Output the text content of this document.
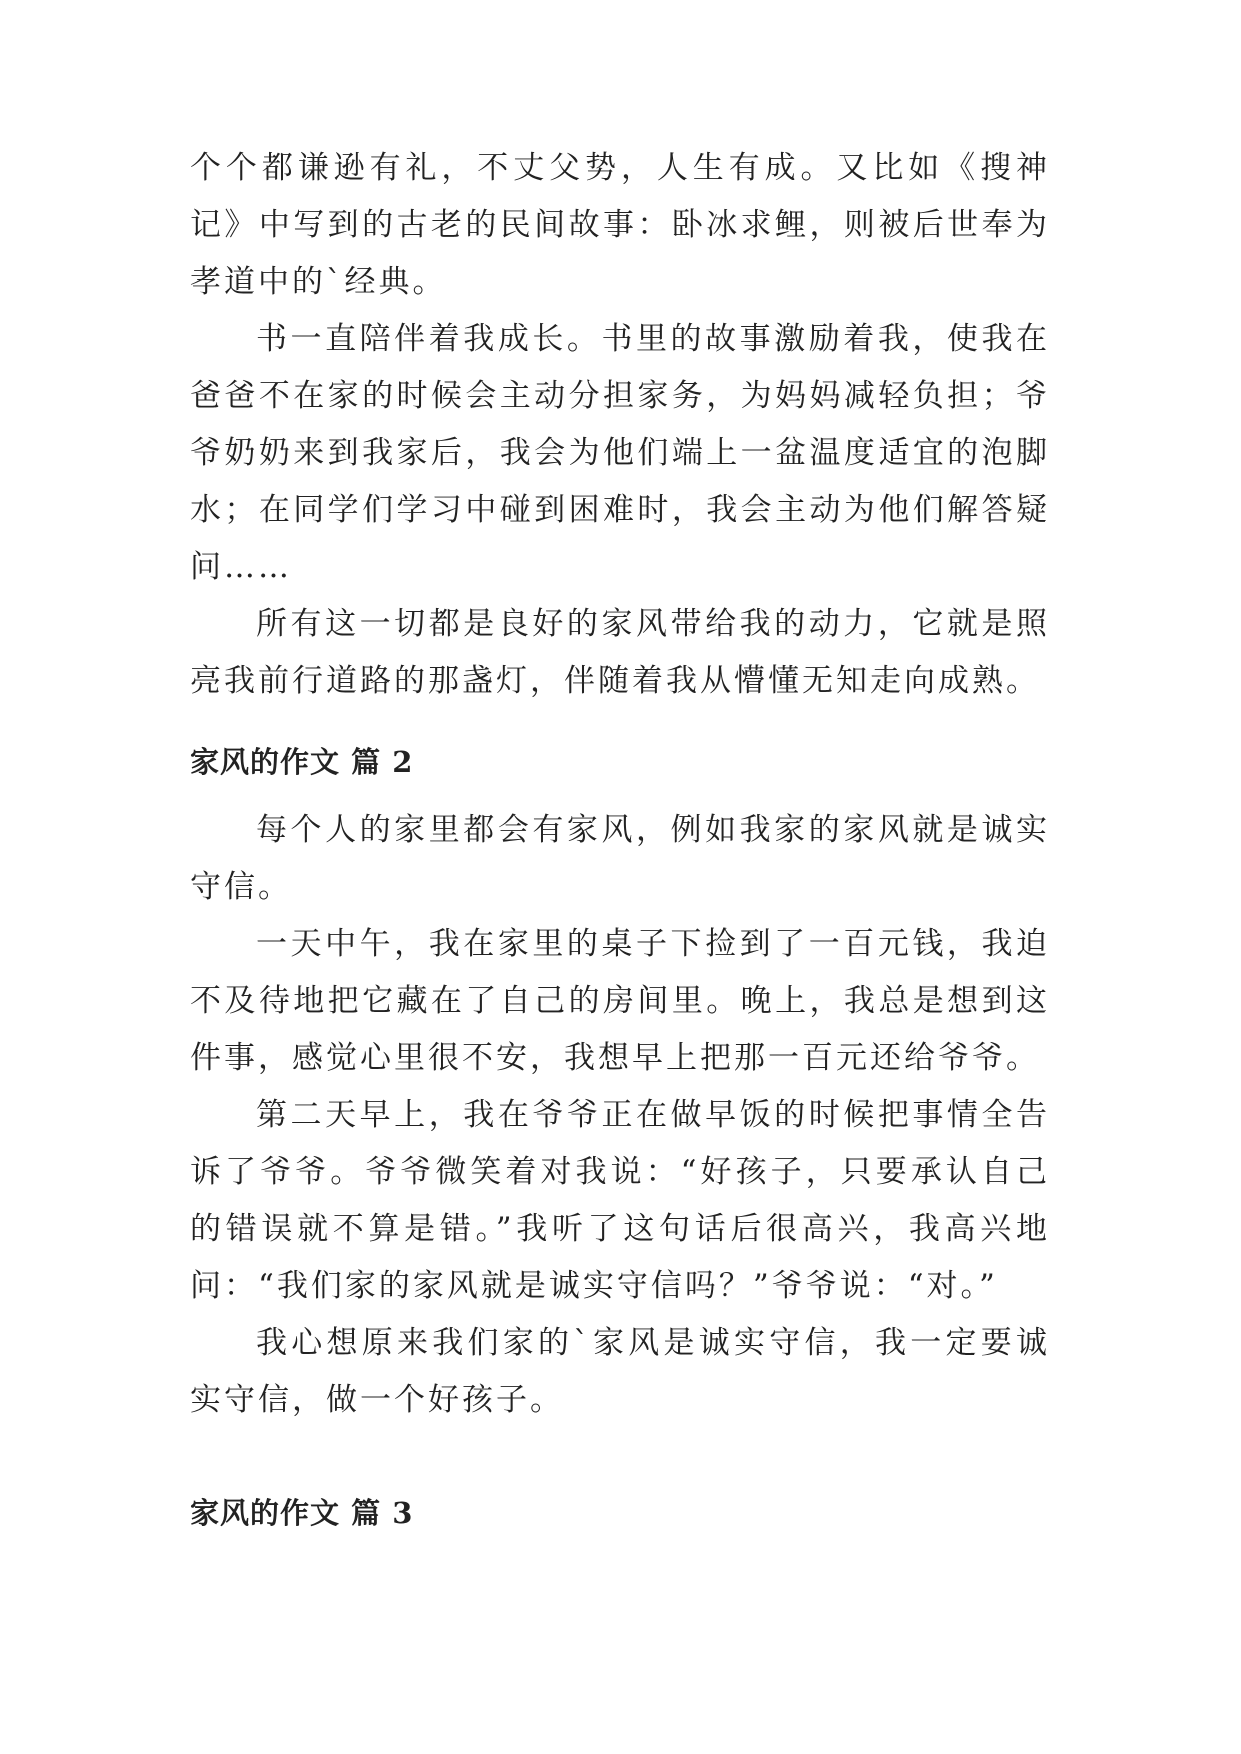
个个都谦逊有礼，不丈父势，人生有成。又比如《搜神记》中写到的古老的民间故事：卧冰求鲤，则被后世奉为孝道中的`经典。

书一直陪伴着我成长。书里的故事激励着我，使我在爸爸不在家的时候会主动分担家务，为妈妈减轻负担；爷爷奶奶来到我家后，我会为他们端上一盆温度适宜的泡脚水；在同学们学习中碰到困难时，我会主动为他们解答疑问……

所有这一切都是良好的家风带给我的动力，它就是照亮我前行道路的那盏灯，伴随着我从懵懂无知走向成熟。

家风的作文 篇 2

每个人的家里都会有家风，例如我家的家风就是诚实守信。

一天中午，我在家里的桌子下捡到了一百元钱，我迫不及待地把它藏在了自己的房间里。晚上，我总是想到这件事，感觉心里很不安，我想早上把那一百元还给爷爷。

第二天早上，我在爷爷正在做早饭的时候把事情全告诉了爷爷。爷爷微笑着对我说：“好孩子，只要承认自己的错误就不算是错。”我听了这句话后很高兴，我高兴地问：“我们家的家风就是诚实守信吗？”爷爷说：“对。”

我心想原来我们家的`家风是诚实守信，我一定要诚实守信，做一个好孩子。

家风的作文 篇 3
